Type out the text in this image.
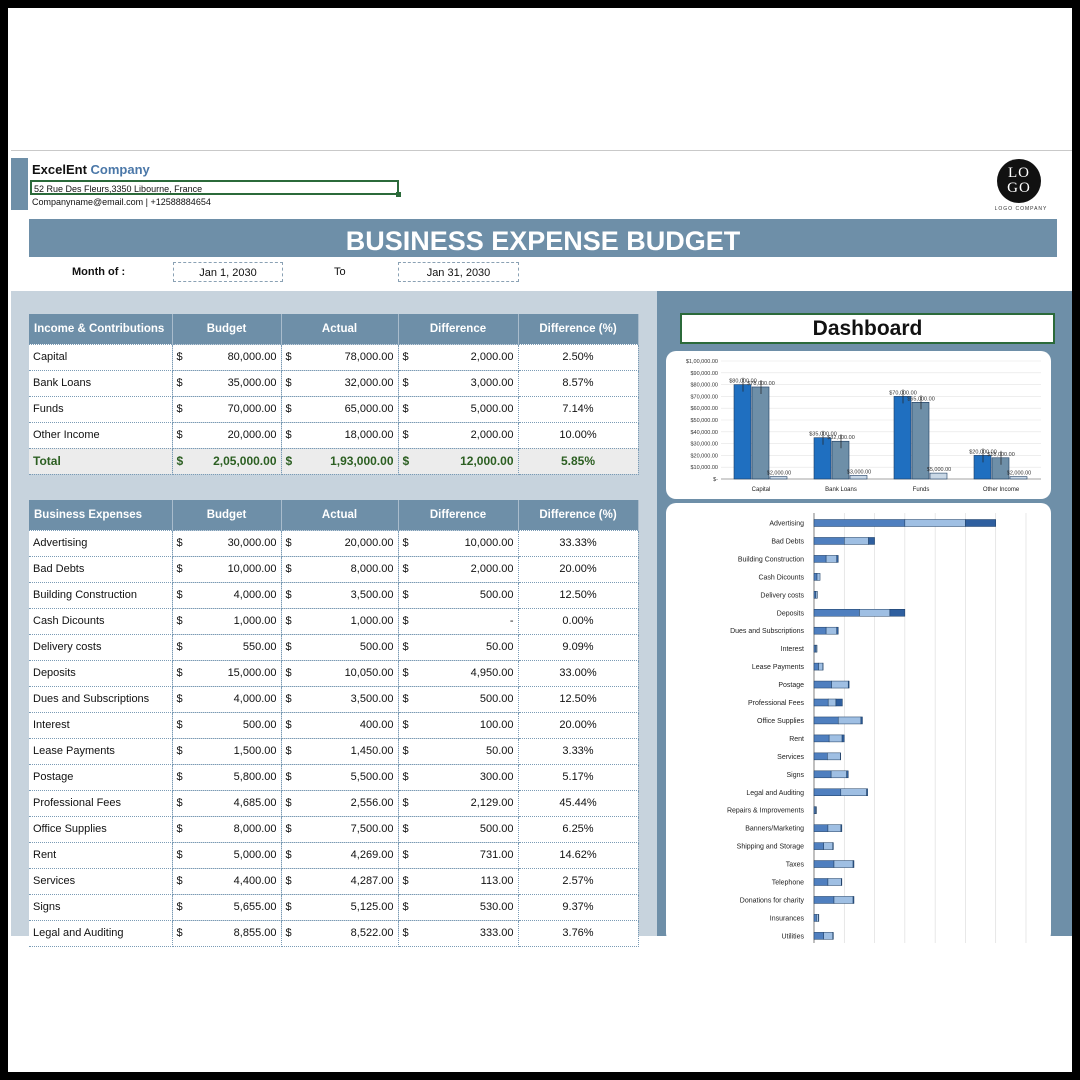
ExcelEnt Company
52 Rue Des Fleurs,3350 Libourne, France
Companyname@email.com | +12588884654
LO
GO
LOGO COMPANY
BUSINESS EXPENSE BUDGET
Month of :	Jan 1, 2030	To	Jan 31, 2030
Income & Contributions	Budget	Actual	Difference	Difference (%)
Capital	$ 80,000.00	$ 78,000.00	$ 2,000.00	2.50%
Bank Loans	$ 35,000.00	$ 32,000.00	$ 3,000.00	8.57%
Funds	$ 70,000.00	$ 65,000.00	$ 5,000.00	7.14%
Other Income	$ 20,000.00	$ 18,000.00	$ 2,000.00	10.00%
Total	$ 2,05,000.00	$ 1,93,000.00	$ 12,000.00	5.85%
Business Expenses	Budget	Actual	Difference	Difference (%)
Advertising	$ 30,000.00	$ 20,000.00	$ 10,000.00	33.33%
Bad Debts	$ 10,000.00	$ 8,000.00	$ 2,000.00	20.00%
Building Construction	$ 4,000.00	$ 3,500.00	$ 500.00	12.50%
Cash Dicounts	$ 1,000.00	$ 1,000.00	$ -	0.00%
Delivery costs	$ 550.00	$ 500.00	$ 50.00	9.09%
Deposits	$ 15,000.00	$ 10,050.00	$ 4,950.00	33.00%
Dues and Subscriptions	$ 4,000.00	$ 3,500.00	$ 500.00	12.50%
Interest	$ 500.00	$ 400.00	$ 100.00	20.00%
Lease Payments	$ 1,500.00	$ 1,450.00	$ 50.00	3.33%
Postage	$ 5,800.00	$ 5,500.00	$ 300.00	5.17%
Professional Fees	$ 4,685.00	$ 2,556.00	$ 2,129.00	45.44%
Office Supplies	$ 8,000.00	$ 7,500.00	$ 500.00	6.25%
Rent	$ 5,000.00	$ 4,269.00	$ 731.00	14.62%
Services	$ 4,400.00	$ 4,287.00	$ 113.00	2.57%
Signs	$ 5,655.00	$ 5,125.00	$ 530.00	9.37%
Legal and Auditing	$ 8,855.00	$ 8,522.00	$ 333.00	3.76%
Dashboard
$-
$10,000.00
$20,000.00
$30,000.00
$40,000.00
$50,000.00
$60,000.00
$70,000.00
$80,000.00
$90,000.00
$1,00,000.00
$80,000.00
$78,000.00
$2,000.00
Capital
$35,000.00
$32,000.00
$3,000.00
Bank Loans
$70,000.00
$65,000.00
$5,000.00
Funds
$20,000.00
$18,000.00
$2,000.00
Other Income
Advertising
Bad Debts
Building Construction
Cash Dicounts
Delivery costs
Deposits
Dues and Subscriptions
Interest
Lease Payments
Postage
Professional Fees
Office Supplies
Rent
Services
Signs
Legal and Auditing
Repairs & Improvements
Banners/Marketing
Shipping and Storage
Taxes
Telephone
Donations for charity
Insurances
Utilities
